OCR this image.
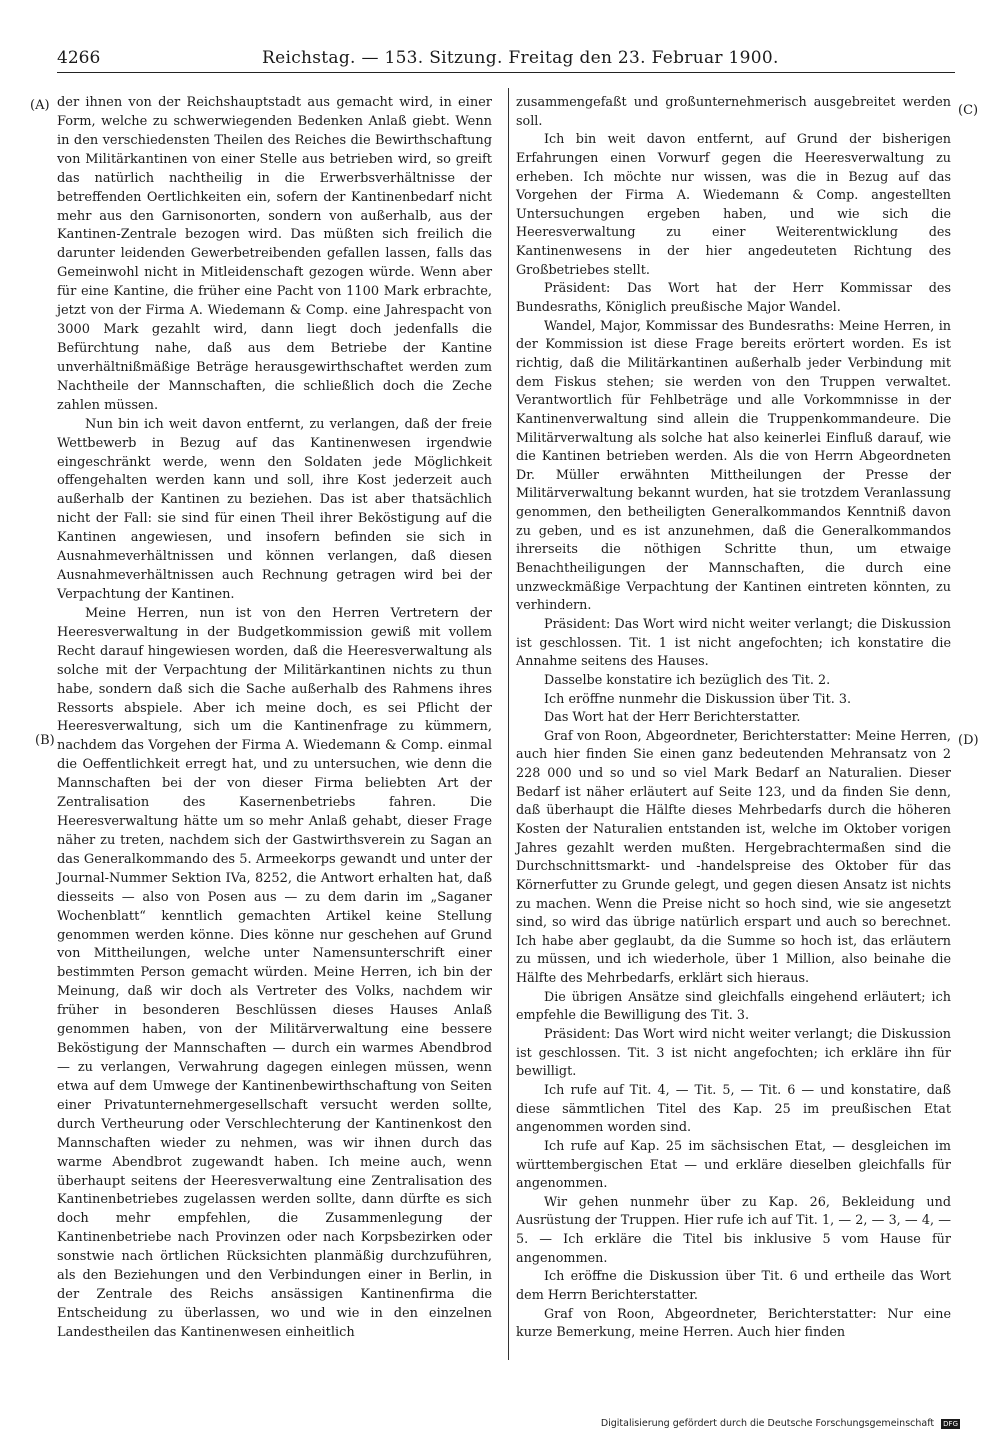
4266	Reichstag. — 153. Sitzung. Freitag den 23. Februar 1900.
(A)
(B)
(C)
(D)

der ihnen von der Reichshauptstadt aus gemacht wird, in einer Form, welche zu schwerwiegenden Bedenken Anlaß giebt. Wenn in den verschiedensten Theilen des Reiches die Bewirthschaftung von Militärkantinen von einer Stelle aus betrieben wird, so greift das natürlich nachtheilig in die Erwerbsverhältnisse der betreffenden Oertlichkeiten ein, sofern der Kantinenbedarf nicht mehr aus den Garnisonorten, sondern von außerhalb, aus der Kantinen-Zentrale bezogen wird. Das müßten sich freilich die darunter leidenden Gewerbetreibenden gefallen lassen, falls das Gemeinwohl nicht in Mitleidenschaft gezogen würde. Wenn aber für eine Kantine, die früher eine Pacht von 1100 Mark erbrachte, jetzt von der Firma A. Wiedemann & Comp. eine Jahrespacht von 3000 Mark gezahlt wird, dann liegt doch jedenfalls die Befürchtung nahe, daß aus dem Betriebe der Kantine unverhältnißmäßige Beträge herausgewirthschaftet werden zum Nachtheile der Mannschaften, die schließlich doch die Zeche zahlen müssen.

Nun bin ich weit davon entfernt, zu verlangen, daß der freie Wettbewerb in Bezug auf das Kantinenwesen irgendwie eingeschränkt werde, wenn den Soldaten jede Möglichkeit offengehalten werden kann und soll, ihre Kost jederzeit auch außerhalb der Kantinen zu beziehen. Das ist aber thatsächlich nicht der Fall: sie sind für einen Theil ihrer Beköstigung auf die Kantinen angewiesen, und insofern befinden sie sich in Ausnahmeverhältnissen und können verlangen, daß diesen Ausnahmeverhältnissen auch Rechnung getragen wird bei der Verpachtung der Kantinen.

Meine Herren, nun ist von den Herren Vertretern der Heeresverwaltung in der Budgetkommission gewiß mit vollem Recht darauf hingewiesen worden, daß die Heeresverwaltung als solche mit der Verpachtung der Militärkantinen nichts zu thun habe, sondern daß sich die Sache außerhalb des Rahmens ihres Ressorts abspiele. Aber ich meine doch, es sei Pflicht der Heeresverwaltung, sich um die Kantinenfrage zu kümmern, nachdem das Vorgehen der Firma A. Wiedemann & Comp. einmal die Oeffentlichkeit erregt hat, und zu untersuchen, wie denn die Mannschaften bei der von dieser Firma beliebten Art der Zentralisation des Kasernenbetriebs fahren. Die Heeresverwaltung hätte um so mehr Anlaß gehabt, dieser Frage näher zu treten, nachdem sich der Gastwirthsverein zu Sagan an das Generalkommando des 5. Armeekorps gewandt und unter der Journal-Nummer Sektion IVa, 8252, die Antwort erhalten hat, daß diesseits — also von Posen aus — zu dem darin im „Saganer Wochenblatt“ kenntlich gemachten Artikel keine Stellung genommen werden könne. Dies könne nur geschehen auf Grund von Mittheilungen, welche unter Namensunterschrift einer bestimmten Person gemacht würden. Meine Herren, ich bin der Meinung, daß wir doch als Vertreter des Volks, nachdem wir früher in besonderen Beschlüssen dieses Hauses Anlaß genommen haben, von der Militärverwaltung eine bessere Beköstigung der Mannschaften — durch ein warmes Abendbrod — zu verlangen, Verwahrung dagegen einlegen müssen, wenn etwa auf dem Umwege der Kantinenbewirthschaftung von Seiten einer Privatunternehmergesellschaft versucht werden sollte, durch Vertheurung oder Verschlechterung der Kantinenkost den Mannschaften wieder zu nehmen, was wir ihnen durch das warme Abendbrot zugewandt haben. Ich meine auch, wenn überhaupt seitens der Heeresverwaltung eine Zentralisation des Kantinenbetriebes zugelassen werden sollte, dann dürfte es sich doch mehr empfehlen, die Zusammenlegung der Kantinenbetriebe nach Provinzen oder nach Korpsbezirken oder sonstwie nach örtlichen Rücksichten planmäßig durchzuführen, als den Beziehungen und den Verbindungen einer in Berlin, in der Zentrale des Reichs ansässigen Kantinenfirma die Entscheidung zu überlassen, wo und wie in den einzelnen Landestheilen das Kantinenwesen einheitlich

zusammengefaßt und großunternehmerisch ausgebreitet werden soll.

Ich bin weit davon entfernt, auf Grund der bisherigen Erfahrungen einen Vorwurf gegen die Heeresverwaltung zu erheben. Ich möchte nur wissen, was die in Bezug auf das Vorgehen der Firma A. Wiedemann & Comp. angestellten Untersuchungen ergeben haben, und wie sich die Heeresverwaltung zu einer Weiterentwicklung des Kantinenwesens in der hier angedeuteten Richtung des Großbetriebes stellt.

Präsident: Das Wort hat der Herr Kommissar des Bundesraths, Königlich preußische Major Wandel.

Wandel, Major, Kommissar des Bundesraths: Meine Herren, in der Kommission ist diese Frage bereits erörtert worden. Es ist richtig, daß die Militärkantinen außerhalb jeder Verbindung mit dem Fiskus stehen; sie werden von den Truppen verwaltet. Verantwortlich für Fehlbeträge und alle Vorkommnisse in der Kantinenverwaltung sind allein die Truppenkommandeure. Die Militärverwaltung als solche hat also keinerlei Einfluß darauf, wie die Kantinen betrieben werden. Als die von Herrn Abgeordneten Dr. Müller erwähnten Mittheilungen der Presse der Militärverwaltung bekannt wurden, hat sie trotzdem Veranlassung genommen, den betheiligten Generalkommandos Kenntniß davon zu geben, und es ist anzunehmen, daß die Generalkommandos ihrerseits die nöthigen Schritte thun, um etwaige Benachtheiligungen der Mannschaften, die durch eine unzweckmäßige Verpachtung der Kantinen eintreten könnten, zu verhindern.

Präsident: Das Wort wird nicht weiter verlangt; die Diskussion ist geschlossen. Tit. 1 ist nicht angefochten; ich konstatire die Annahme seitens des Hauses.

Dasselbe konstatire ich bezüglich des Tit. 2.

Ich eröffne nunmehr die Diskussion über Tit. 3.

Das Wort hat der Herr Berichterstatter.

Graf von Roon, Abgeordneter, Berichterstatter: Meine Herren, auch hier finden Sie einen ganz bedeutenden Mehransatz von 2 228 000 und so und so viel Mark Bedarf an Naturalien. Dieser Bedarf ist näher erläutert auf Seite 123, und da finden Sie denn, daß überhaupt die Hälfte dieses Mehrbedarfs durch die höheren Kosten der Naturalien entstanden ist, welche im Oktober vorigen Jahres gezahlt werden mußten. Hergebrachtermaßen sind die Durchschnittsmarkt- und -handelspreise des Oktober für das Körnerfutter zu Grunde gelegt, und gegen diesen Ansatz ist nichts zu machen. Wenn die Preise nicht so hoch sind, wie sie angesetzt sind, so wird das übrige natürlich erspart und auch so berechnet. Ich habe aber geglaubt, da die Summe so hoch ist, das erläutern zu müssen, und ich wiederhole, über 1 Million, also beinahe die Hälfte des Mehrbedarfs, erklärt sich hieraus.

Die übrigen Ansätze sind gleichfalls eingehend erläutert; ich empfehle die Bewilligung des Tit. 3.

Präsident: Das Wort wird nicht weiter verlangt; die Diskussion ist geschlossen. Tit. 3 ist nicht angefochten; ich erkläre ihn für bewilligt.

Ich rufe auf Tit. 4, — Tit. 5, — Tit. 6 — und konstatire, daß diese sämmtlichen Titel des Kap. 25 im preußischen Etat angenommen worden sind.

Ich rufe auf Kap. 25 im sächsischen Etat, — desgleichen im württembergischen Etat — und erkläre dieselben gleichfalls für angenommen.

Wir gehen nunmehr über zu Kap. 26, Bekleidung und Ausrüstung der Truppen. Hier rufe ich auf Tit. 1, — 2, — 3, — 4, — 5. — Ich erkläre die Titel bis inklusive 5 vom Hause für angenommen.

Ich eröffne die Diskussion über Tit. 6 und ertheile das Wort dem Herrn Berichterstatter.

Graf von Roon, Abgeordneter, Berichterstatter: Nur eine kurze Bemerkung, meine Herren. Auch hier finden

Digitalisierung gefördert durch die Deutsche Forschungsgemeinschaft DFG
